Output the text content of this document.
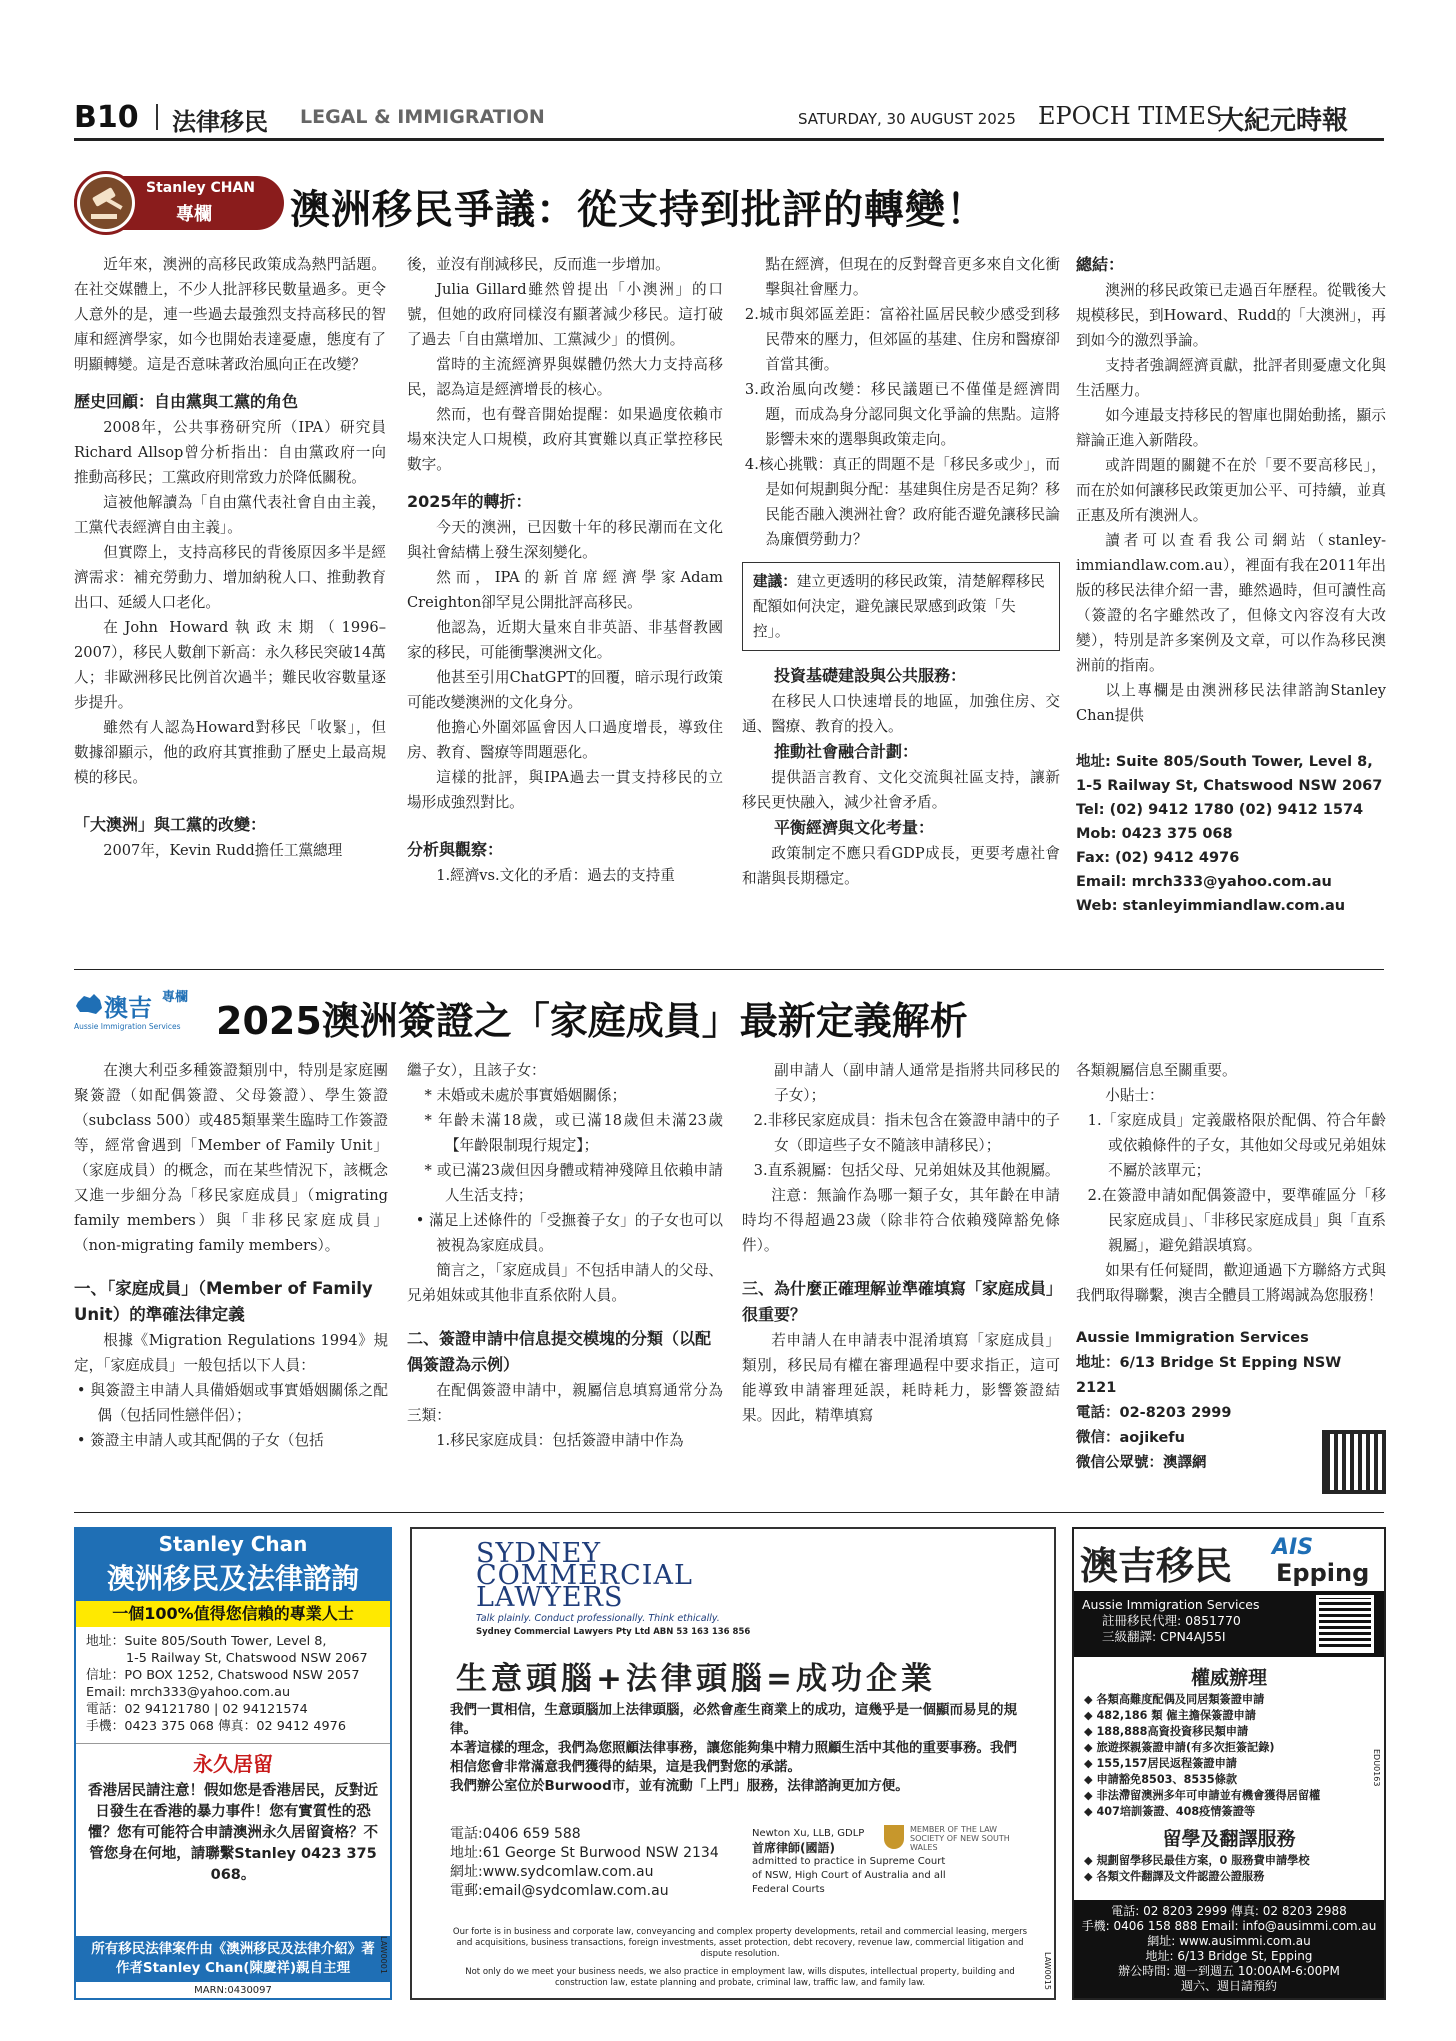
B10 法律移民 LEGAL & IMMIGRATION	SATURDAY, 30 AUGUST 2025 EPOCH TIMES
大紀元時報
Stanley CHAN
專欄 澳洲移民爭議：從支持到批評的轉變！

近年來，澳洲的高移民政策成為熱門話題。在社交媒體上，不少人批評移民數量過多。更令人意外的是，連一些過去最強烈支持高移民的智庫和經濟學家，如今也開始表達憂慮，態度有了明顯轉變。這是否意味著政治風向正在改變？

歷史回顧：自由黨與工黨的角色

2008年，公共事務研究所（IPA）研究員Richard Allsop曾分析指出：自由黨政府一向推動高移民；工黨政府則常致力於降低關稅。

這被他解讀為「自由黨代表社會自由主義，工黨代表經濟自由主義」。

但實際上，支持高移民的背後原因多半是經濟需求：補充勞動力、增加納稅人口、推動教育出口、延緩人口老化。

在John Howard執政末期（1996–2007），移民人數創下新高：永久移民突破14萬人；非歐洲移民比例首次過半；難民收容數量逐步提升。

雖然有人認為Howard對移民「收緊」，但數據卻顯示，他的政府其實推動了歷史上最高規模的移民。

「大澳洲」與工黨的改變：

2007年，Kevin Rudd擔任工黨總理

後，並沒有削減移民，反而進一步增加。

Julia Gillard雖然曾提出「小澳洲」的口號，但她的政府同樣沒有顯著減少移民。這打破了過去「自由黨增加、工黨減少」的慣例。

當時的主流經濟界與媒體仍然大力支持高移民，認為這是經濟增長的核心。

然而，也有聲音開始提醒：如果過度依賴市場來決定人口規模，政府其實難以真正掌控移民數字。

2025年的轉折：

今天的澳洲，已因數十年的移民潮而在文化與社會結構上發生深刻變化。

然而，IPA的新首席經濟學家Adam Creighton卻罕見公開批評高移民。

他認為，近期大量來自非英語、非基督教國家的移民，可能衝擊澳洲文化。

他甚至引用ChatGPT的回覆，暗示現行政策可能改變澳洲的文化身分。

他擔心外圍郊區會因人口過度增長，導致住房、教育、醫療等問題惡化。

這樣的批評，與IPA過去一貫支持移民的立場形成強烈對比。

分析與觀察：

1.經濟vs.文化的矛盾：過去的支持重

點在經濟，但現在的反對聲音更多來自文化衝擊與社會壓力。

2.城市與郊區差距：富裕社區居民較少感受到移民帶來的壓力，但郊區的基建、住房和醫療卻首當其衝。
3.政治風向改變：移民議題已不僅僅是經濟問題，而成為身分認同與文化爭論的焦點。這將影響未來的選舉與政策走向。
4.核心挑戰：真正的問題不是「移民多或少」，而是如何規劃與分配：基建與住房是否足夠？移民能否融入澳洲社會？政府能否避免讓移民論為廉價勞動力？
建議：建立更透明的移民政策，清楚解釋移民配額如何決定，避免讓民眾感到政策「失控」。
投資基礎建設與公共服務：

在移民人口快速增長的地區，加強住房、交通、醫療、教育的投入。

推動社會融合計劃：

提供語言教育、文化交流與社區支持，讓新移民更快融入，減少社會矛盾。

平衡經濟與文化考量：

政策制定不應只看GDP成長，更要考慮社會和諧與長期穩定。

總結：

澳洲的移民政策已走過百年歷程。從戰後大規模移民，到Howard、Rudd的「大澳洲」，再到如今的激烈爭論。

支持者強調經濟貢獻，批評者則憂慮文化與生活壓力。

如今連最支持移民的智庫也開始動搖，顯示辯論正進入新階段。

或許問題的關鍵不在於「要不要高移民」，而在於如何讓移民政策更加公平、可持續，並真正惠及所有澳洲人。

讀者可以查看我公司網站（stanley-immiandlaw.com.au），裡面有我在2011年出版的移民法律介紹一書，雖然過時，但可讀性高（簽證的名字雖然改了，但條文內容沒有大改變），特別是許多案例及文章，可以作為移民澳洲前的指南。

以上專欄是由澳洲移民法律諮詢Stanley Chan提供

地址: Suite 805/South Tower, Level 8,
1-5 Railway St, Chatswood NSW 2067
Tel: (02) 9412 1780 (02) 9412 1574
Mob: 0423 375 068
Fax: (02) 9412 4976
Email: mrch333@yahoo.com.au
Web: stanleyimmiandlaw.com.au
澳吉 專欄
Aussie Immigration Services 2025澳洲簽證之「家庭成員」最新定義解析

在澳大利亞多種簽證類別中，特別是家庭團聚簽證（如配偶簽證、父母簽證）、學生簽證（subclass 500）或485類畢業生臨時工作簽證等，經常會遇到「Member of Family Unit」（家庭成員）的概念，而在某些情況下，該概念又進一步細分為「移民家庭成員」（migrating family members）與「非移民家庭成員」（non-migrating family members）。

一、「家庭成員」（Member of Family Unit）的準確法律定義

根據《Migration Regulations 1994》規定，「家庭成員」一般包括以下人員：

• 與簽證主申請人具備婚姻或事實婚姻關係之配偶（包括同性戀伴侶）；
• 簽證主申請人或其配偶的子女（包括

繼子女），且該子女：

* 未婚或未處於事實婚姻關係；
* 年齡未滿18歲，或已滿18歲但未滿23歲【年齡限制現行規定】；
* 或已滿23歲但因身體或精神殘障且依賴申請人生活支持；
• 滿足上述條件的「受撫養子女」的子女也可以被視為家庭成員。

簡言之，「家庭成員」不包括申請人的父母、兄弟姐妹或其他非直系依附人員。

二、簽證申請中信息提交模塊的分類（以配偶簽證為示例）

在配偶簽證申請中，親屬信息填寫通常分為三類：

1.移民家庭成員：包括簽證申請中作為

副申請人（副申請人通常是指將共同移民的子女）；

2.非移民家庭成員：指未包含在簽證申請中的子女（即這些子女不隨該申請移民）；
3.直系親屬：包括父母、兄弟姐妹及其他親屬。

注意：無論作為哪一類子女，其年齡在申請時均不得超過23歲（除非符合依賴殘障豁免條件）。

三、為什麼正確理解並準確填寫「家庭成員」很重要？

若申請人在申請表中混淆填寫「家庭成員」類別，移民局有權在審理過程中要求指正，這可能導致申請審理延誤，耗時耗力，影響簽證結果。因此，精準填寫

各類親屬信息至關重要。

小貼士：

1.「家庭成員」定義嚴格限於配偶、符合年齡或依賴條件的子女，其他如父母或兄弟姐妹不屬於該單元；
2.在簽證申請如配偶簽證中，要準確區分「移民家庭成員」、「非移民家庭成員」與「直系親屬」，避免錯誤填寫。

如果有任何疑問，歡迎通過下方聯絡方式與我們取得聯繫，澳吉全體員工將竭誠為您服務！

Aussie Immigration Services
地址：6/13 Bridge St Epping NSW 2121
電話：02-8203 2999
微信：aojikefu
微信公眾號：澳譯網
Stanley Chan
澳洲移民及法律諮詢
一個100%值得您信賴的專業人士
地址：Suite 805/South Tower, Level 8,
1-5 Railway St, Chatswood NSW 2067
信址：PO BOX 1252, Chatswood NSW 2057
Email: mrch333@yahoo.com.au
電話：02 94121780 | 02 94121574
手機：0423 375 068 傳真：02 9412 4976
永久居留
香港居民請注意！假如您是香港居民，反對近日發生在香港的暴力事件！您有實質性的恐懼？您有可能符合申請澳洲永久居留資格？不管您身在何地，請聯繫Stanley 0423 375 068。
所有移民法律案件由《澳洲移民及法律介紹》著作者Stanley Chan(陳慶祥)親自主理
MARN:0430097
LAW0001
SYDNEY
COMMERCIAL
LAWYERS
Talk plainly. Conduct professionally. Think ethically.
Sydney Commercial Lawyers Pty Ltd ABN 53 163 136 856
生意頭腦+法律頭腦=成功企業
我們一貫相信，生意頭腦加上法律頭腦，必然會產生商業上的成功，這幾乎是一個顯而易見的規律。
本著這樣的理念，我們為您照顧法律事務，讓您能夠集中精力照顧生活中其他的重要事務。我們相信您會非常滿意我們獲得的結果，這是我們對您的承諾。
我們辦公室位於Burwood市，並有流動「上門」服務，法律諮詢更加方便。
電話:0406 659 588
地址:61 George St Burwood NSW 2134
網址:www.sydcomlaw.com.au
電郵:email@sydcomlaw.com.au
Newton Xu, LLB, GDLP
首席律師(國語)
admitted to practice in Supreme Court of NSW, High Court of Australia and all Federal Courts
MEMBER OF THE LAW SOCIETY OF NEW SOUTH WALES
Our forte is in business and corporate law, conveyancing and complex property developments, retail and commercial leasing, mergers and acquisitions, business transactions, foreign investments, asset protection, debt recovery, revenue law, commercial litigation and dispute resolution.
Not only do we meet your business needs, we also practice in employment law, wills disputes, intellectual property, building and construction law, estate planning and probate, criminal law, traffic law, and family law.	LAW0015
澳吉移民 AIS
Epping
Aussie Immigration Services
註冊移民代理: 0851770
三級翻譯: CPN4AJ55I
權威辦理
◆ 各類高難度配偶及同居類簽證申請
◆ 482,186 類 僱主擔保簽證申請
◆ 188,888高資投資移民類申請
◆ 旅遊探親簽證申請(有多次拒簽記錄)
◆ 155,157居民返程簽證申請
◆ 申請豁免8503、8535條款
◆ 非法滯留澳洲多年可申請並有機會獲得居留權
◆ 407培訓簽證、408疫情簽證等
留學及翻譯服務
◆ 規劃留學移民最佳方案，0 服務費申請學校
◆ 各類文件翻譯及文件認證公證服務
電話: 02 8203 2999 傳真: 02 8203 2988
手機: 0406 158 888 Email: info@ausimmi.com.au
網址: www.ausimmi.com.au
地址: 6/13 Bridge St, Epping
辦公時間: 週一到週五 10:00AM-6:00PM
週六、週日請預約
EDU0163
